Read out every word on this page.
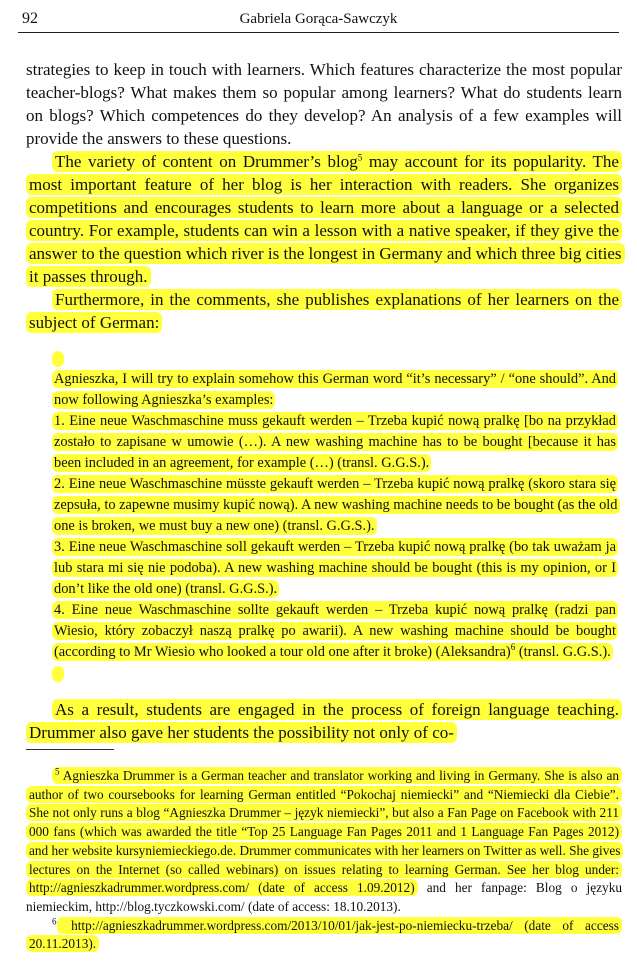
92	Gabriela Gorąca-Sawczyk

strategies to keep in touch with learners. Which features characterize the most popular teacher-blogs? What makes them so popular among learners? What do students learn on blogs? Which competences do they develop? An analysis of a few examples will provide the answers to these questions.

The variety of content on Drummer’s blog$^5$ may account for its popularity. The most important feature of her blog is her interaction with readers. She organizes competitions and encourages students to learn more about a language or a selected country. For example, students can win a lesson with a native speaker, if they give the answer to the question which river is the longest in Germany and which three big cities it passes through.

Furthermore, in the comments, she publishes explanations of her learners on the subject of German:

Agnieszka, I will try to explain somehow this German word “it’s necessary” / “one should”. And now following Agnieszka’s examples:

1. Eine neue Waschmaschine muss gekauft werden – Trzeba kupić nową pralkę [bo na przykład zostało to zapisane w umowie (…). A new washing machine has to be bought [because it has been included in an agreement, for example (…) (transl. G.G.S.).

2. Eine neue Waschmaschine müsste gekauft werden – Trzeba kupić nową pralkę (skoro stara się zepsuła, to zapewne musimy kupić nową). A new washing machine needs to be bought (as the old one is broken, we must buy a new one) (transl. G.G.S.).

3. Eine neue Waschmaschine soll gekauft werden – Trzeba kupić nową pralkę (bo tak uważam ja lub stara mi się nie podoba). A new washing machine should be bought (this is my opinion, or I don’t like the old one) (transl. G.G.S.).

4. Eine neue Waschmaschine sollte gekauft werden – Trzeba kupić nową pralkę (radzi pan Wiesio, który zobaczył naszą pralkę po awarii). A new washing machine should be bought (according to Mr Wiesio who looked a tour old one after it broke) (Aleksandra)$^6$ (transl. G.G.S.).

As a result, students are engaged in the process of foreign language teaching. Drummer also gave her students the possibility not only of co-

$^5$ Agnieszka Drummer is a German teacher and translator working and living in Germany. She is also an author of two coursebooks for learning German entitled “Pokochaj niemiecki” and “Niemiecki dla Ciebie”. She not only runs a blog “Agnieszka Drummer – język niemiecki”, but also a Fan Page on Facebook with 211 000 fans (which was awarded the title “Top 25 Language Fan Pages 2011 and 1 Language Fan Pages 2012) and her website kursyniemieckiego.de. Drummer communicates with her learners on Twitter as well. She gives lectures on the Internet (so called webinars) on issues relating to learning German. See her blog under: http://agnieszkadrummer.wordpress.com/ (date of access 1.09.2012) and her fanpage: Blog o języku niemieckim, http://blog.tyczkowski.com/ (date of access: 18.10.2013).

$^6$ http://agnieszkadrummer.wordpress.com/2013/10/01/jak-jest-po-niemiecku-trzeba/ (date of access 20.11.2013).
